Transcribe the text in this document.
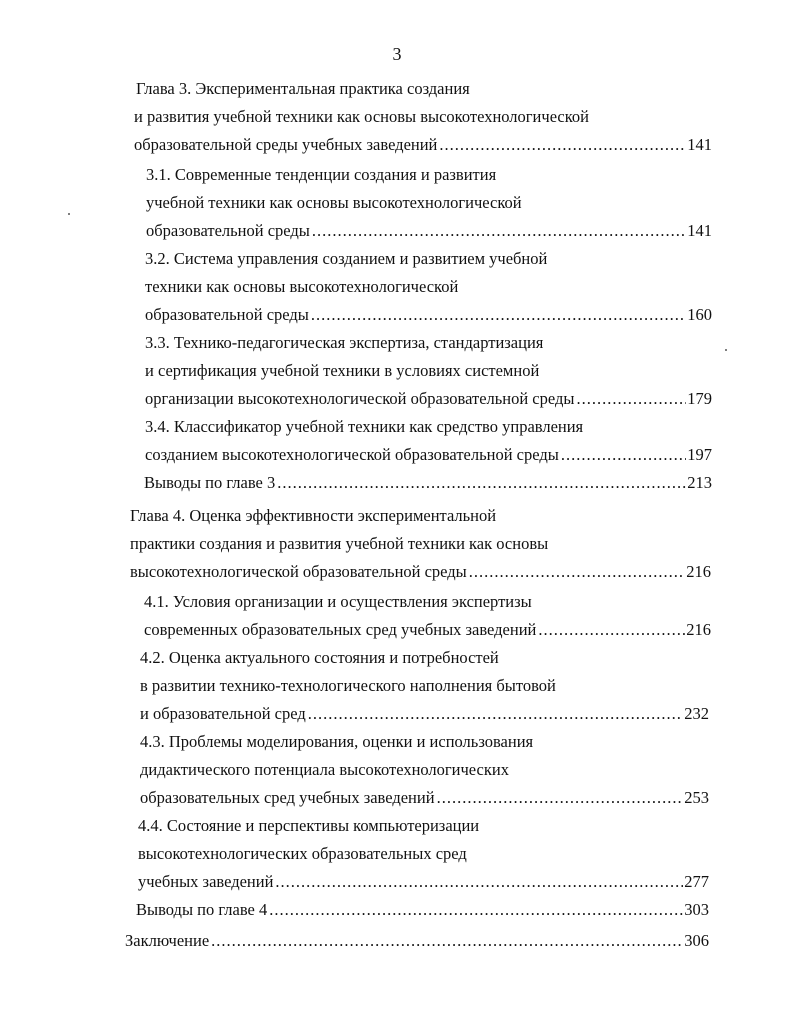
3
Глава 3. Экспериментальная практика создания
и развития учебной техники как основы высокотехнологической
образовательной среды учебных заведений .....	141
3.1. Современные тенденции создания и развития
учебной техники как основы высокотехнологической
образовательной среды .....	141
3.2. Система управления созданием и развитием учебной
техники как основы высокотехнологической
образовательной среды .....	160
3.3. Технико-педагогическая экспертиза, стандартизация
и сертификация учебной техники в условиях системной
организации высокотехнологической образовательной среды .....	179
3.4. Классификатор учебной техники как средство управления
созданием высокотехнологической образовательной среды .....	197
Выводы по главе 3 .....	213
Глава 4. Оценка эффективности экспериментальной
практики создания и развития учебной техники как основы
высокотехнологической образовательной среды .....	216
4.1. Условия организации и осуществления экспертизы
современных образовательных сред учебных заведений .....	216
4.2. Оценка актуального состояния и потребностей
в развитии технико-технологического наполнения бытовой
и образовательной сред .....	232
4.3. Проблемы моделирования, оценки и использования
дидактического потенциала высокотехнологических
образовательных сред учебных заведений .....	253
4.4. Состояние и перспективы компьютеризации
высокотехнологических образовательных сред
учебных заведений .....	277
Выводы по главе 4 .....	303
Заключение .....	306
